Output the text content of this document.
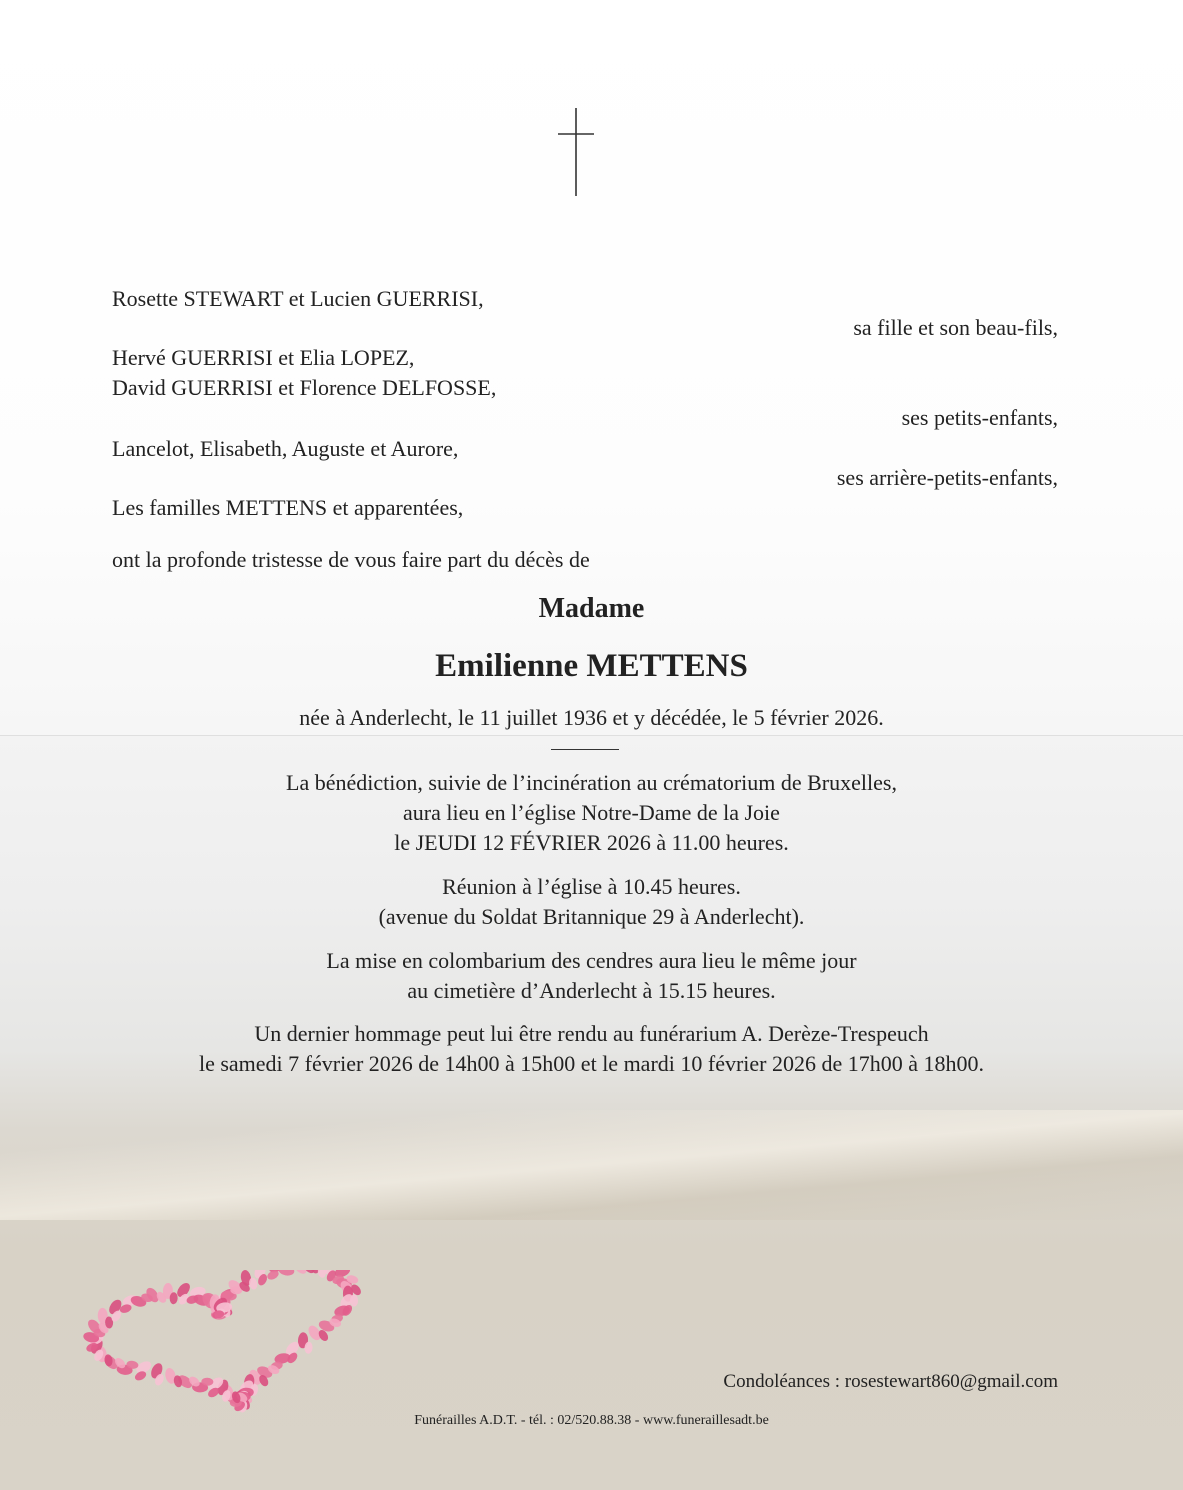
Rosette STEWART et Lucien GUERRISI,
sa fille et son beau-fils,
Hervé GUERRISI et Elia LOPEZ,
David GUERRISI et Florence DELFOSSE,
ses petits-enfants,
Lancelot, Elisabeth, Auguste et Aurore,
ses arrière-petits-enfants,
Les familles METTENS et apparentées,
ont la profonde tristesse de vous faire part du décès de
Madame
Emilienne METTENS
née à Anderlecht, le 11 juillet 1936 et y décédée, le 5 février 2026.
La bénédiction, suivie de l’incinération au crématorium de Bruxelles,
aura lieu en l’église Notre-Dame de la Joie
le JEUDI 12 FÉVRIER 2026 à 11.00 heures.
Réunion à l’église à 10.45 heures.
(avenue du Soldat Britannique 29 à Anderlecht).
La mise en colombarium des cendres aura lieu le même jour
au cimetière d’Anderlecht à 15.15 heures.
Un dernier hommage peut lui être rendu au funérarium A. Derèze-Trespeuch
le samedi 7 février 2026 de 14h00 à 15h00 et le mardi 10 février 2026 de 17h00 à 18h00.
Condoléances : rosestewart860@gmail.com
Funérailles A.D.T. - tél. : 02/520.88.38 - www.funeraillesadt.be
